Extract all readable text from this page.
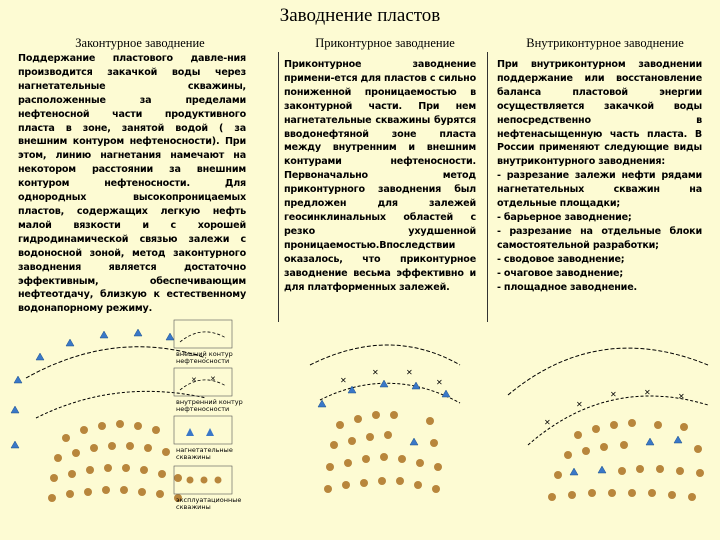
Заводнение пластов
Законтурное заводнение	Приконтурное заводнение	Внутриконтурное заводнение
Поддержание пластового давле-ния производится закачкой воды через нагнетательные скважины, расположенные за пределами нефтеносной части продуктивного пласта в зоне, занятой водой ( за внешним контуром нефтеносности). При этом, линию нагнетания намечают на некотором расстоянии за внешним контуром нефтеносности. Для однородных высокопроницаемых пластов, содержащих легкую нефть малой вязкости и с хорошей гидродинамической связью залежи с водоносной зоной, метод законтурного заводнения является достаточно эффективным, обеспечивающим нефтеотдачу, близкую к естественному водонапорному режиму.
Приконтурное заводнение примени-ется для пластов с сильно пониженной проницаемостью в законтурной части. При нем нагнетательные скважины бурятся вводонефтяной зоне пласта между внутренним и внешним контурами нефтеносности. Первоначально метод приконтурного заводнения был предложен для залежей геосинклинальных областей с резко ухудшенной проницаемостью.Впоследствии оказалось, что приконтурное заводнение весьма эффективно и для платформенных залежей.
При внутриконтурном заводнении поддержание или восстановление баланса пластовой энергии осуществляется закачкой воды непосредственно в нефтенасыщенную часть пласта. В России применяют следующие виды внутриконтурного заводнения:
- разрезание залежи нефти рядами нагнетательных скважин на отдельные площадки;
- барьерное заводнение;
- разрезание на отдельные блоки самостоятельной разработки;
- сводовое заводнение;
- очаговое заводнение;
- площадное заводнение.
внешний контур
нефтеносности
✕ ✕
внутренний контур
нефтеносности
нагнетательные
скважины
эксплуатационные
скважины
✕
✕	✕
✕
✕
✕
✕	✕	✕
